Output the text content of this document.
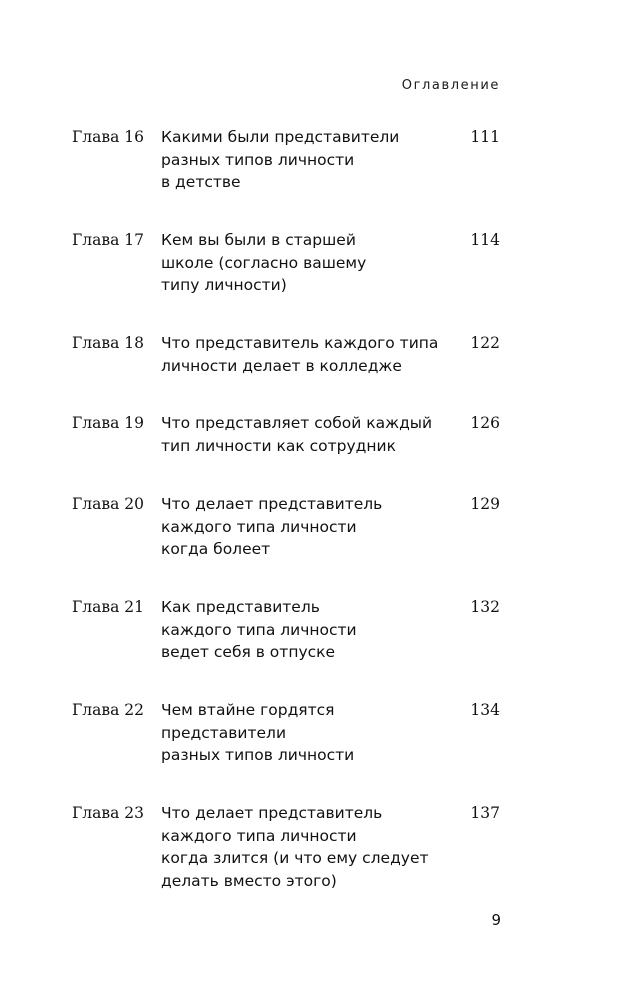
Оглавление
Глава 16 Какими были представители
разных типов личности
в детстве
111
Глава 17 Кем вы были в старшей
школе (согласно вашему
типу личности)
114
Глава 18 Что представитель каждого типа
личности делает в колледже
122
Глава 19 Что представляет собой каждый
тип личности как сотрудник
126
Глава 20 Что делает представитель
каждого типа личности
когда болеет
129
Глава 21 Как представитель
каждого типа личности
ведет себя в отпуске
132
Глава 22 Чем втайне гордятся
представители
разных типов личности
134
Глава 23 Что делает представитель
каждого типа личности
когда злится (и что ему следует
делать вместо этого)
137
9
